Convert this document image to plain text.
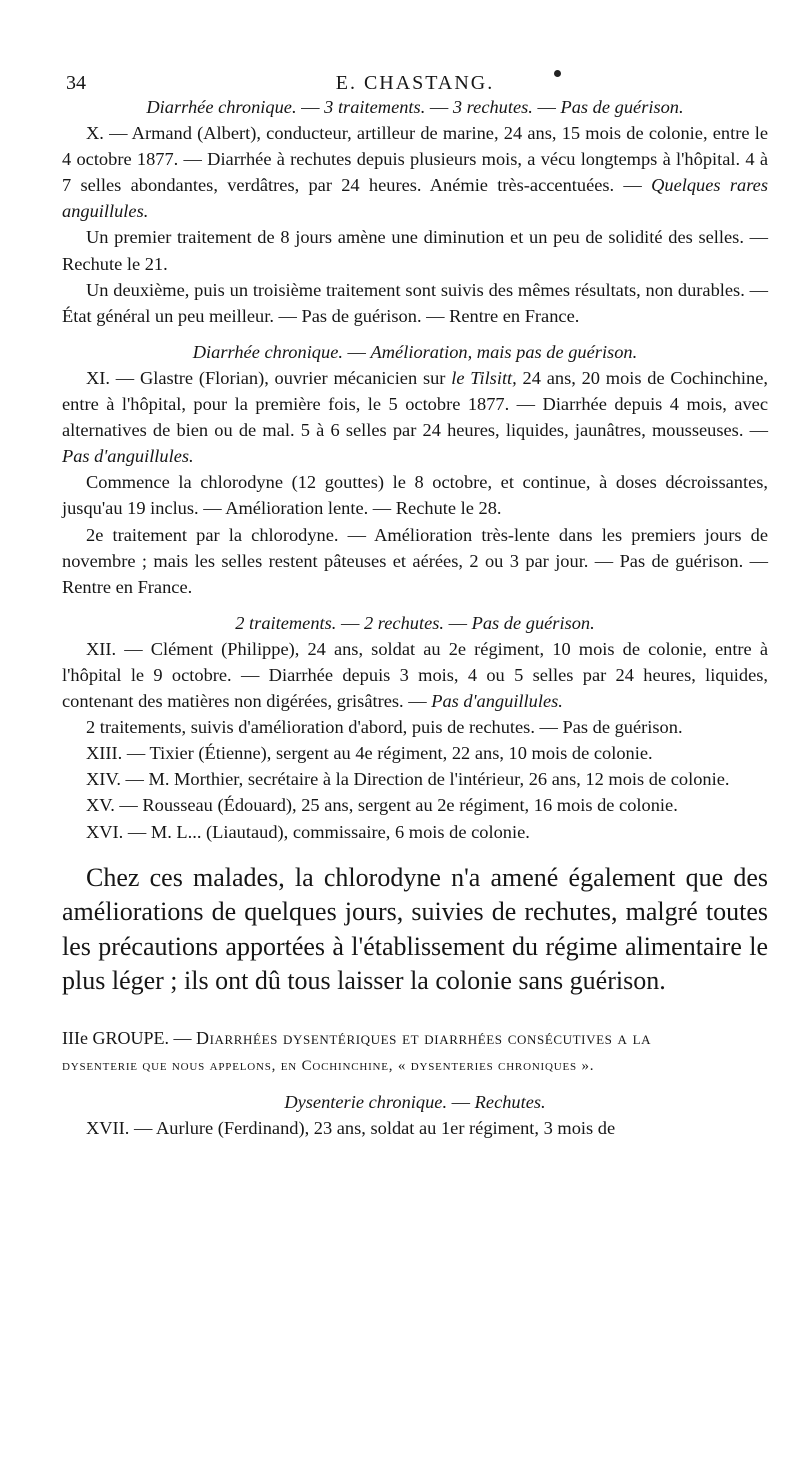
34	E. CHASTANG.

Diarrhée chronique. — 3 traitements. — 3 rechutes. — Pas de guérison.

X. — Armand (Albert), conducteur, artilleur de marine, 24 ans, 15 mois de colonie, entre le 4 octobre 1877. — Diarrhée à rechutes depuis plusieurs mois, a vécu longtemps à l'hôpital. 4 à 7 selles abondantes, verdâtres, par 24 heures. Anémie très-accentuées. — Quelques rares anguillules.

Un premier traitement de 8 jours amène une diminution et un peu de solidité des selles. — Rechute le 21.

Un deuxième, puis un troisième traitement sont suivis des mêmes résultats, non durables. — État général un peu meilleur. — Pas de guérison. — Rentre en France.

Diarrhée chronique. — Amélioration, mais pas de guérison.

XI. — Glastre (Florian), ouvrier mécanicien sur le Tilsitt, 24 ans, 20 mois de Cochinchine, entre à l'hôpital, pour la première fois, le 5 octobre 1877. — Diarrhée depuis 4 mois, avec alternatives de bien ou de mal. 5 à 6 selles par 24 heures, liquides, jaunâtres, mousseuses. — Pas d'anguillules.

Commence la chlorodyne (12 gouttes) le 8 octobre, et continue, à doses décroissantes, jusqu'au 19 inclus. — Amélioration lente. — Rechute le 28.

2e traitement par la chlorodyne. — Amélioration très-lente dans les premiers jours de novembre ; mais les selles restent pâteuses et aérées, 2 ou 3 par jour. — Pas de guérison. — Rentre en France.

2 traitements. — 2 rechutes. — Pas de guérison.

XII. — Clément (Philippe), 24 ans, soldat au 2e régiment, 10 mois de colonie, entre à l'hôpital le 9 octobre. — Diarrhée depuis 3 mois, 4 ou 5 selles par 24 heures, liquides, contenant des matières non digérées, grisâtres. — Pas d'anguillules.

2 traitements, suivis d'amélioration d'abord, puis de rechutes. — Pas de guérison.

XIII. — Tixier (Étienne), sergent au 4e régiment, 22 ans, 10 mois de colonie.

XIV. — M. Morthier, secrétaire à la Direction de l'intérieur, 26 ans, 12 mois de colonie.

XV. — Rousseau (Édouard), 25 ans, sergent au 2e régiment, 16 mois de colonie.

XVI. — M. L... (Liautaud), commissaire, 6 mois de colonie.

Chez ces malades, la chlorodyne n'a amené également que des améliorations de quelques jours, suivies de rechutes, malgré toutes les précautions apportées à l'établissement du régime alimentaire le plus léger ; ils ont dû tous laisser la colonie sans guérison.

IIIe GROUPE. — Diarrhées dysentériques et diarrhées consécutives a la
dysenterie que nous appelons, en Cochinchine, « dysenteries chroniques ».

Dysenterie chronique. — Rechutes.

XVII. — Aurlure (Ferdinand), 23 ans, soldat au 1er régiment, 3 mois de
